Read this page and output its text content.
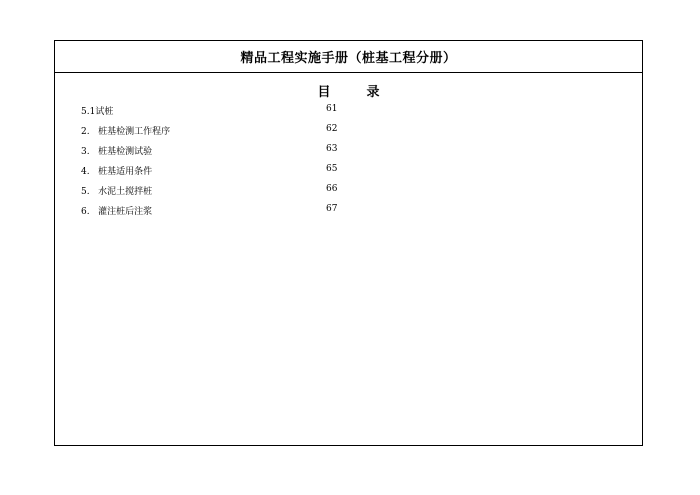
精品工程实施手册（桩基工程分册）
目	录
5.1试桩	61
2.   桩基检测工作程序	62
3.   桩基检测试验	63
4.   桩基适用条件	65
5.   水泥土搅拌桩	66
6.   灌注桩后注浆	67
